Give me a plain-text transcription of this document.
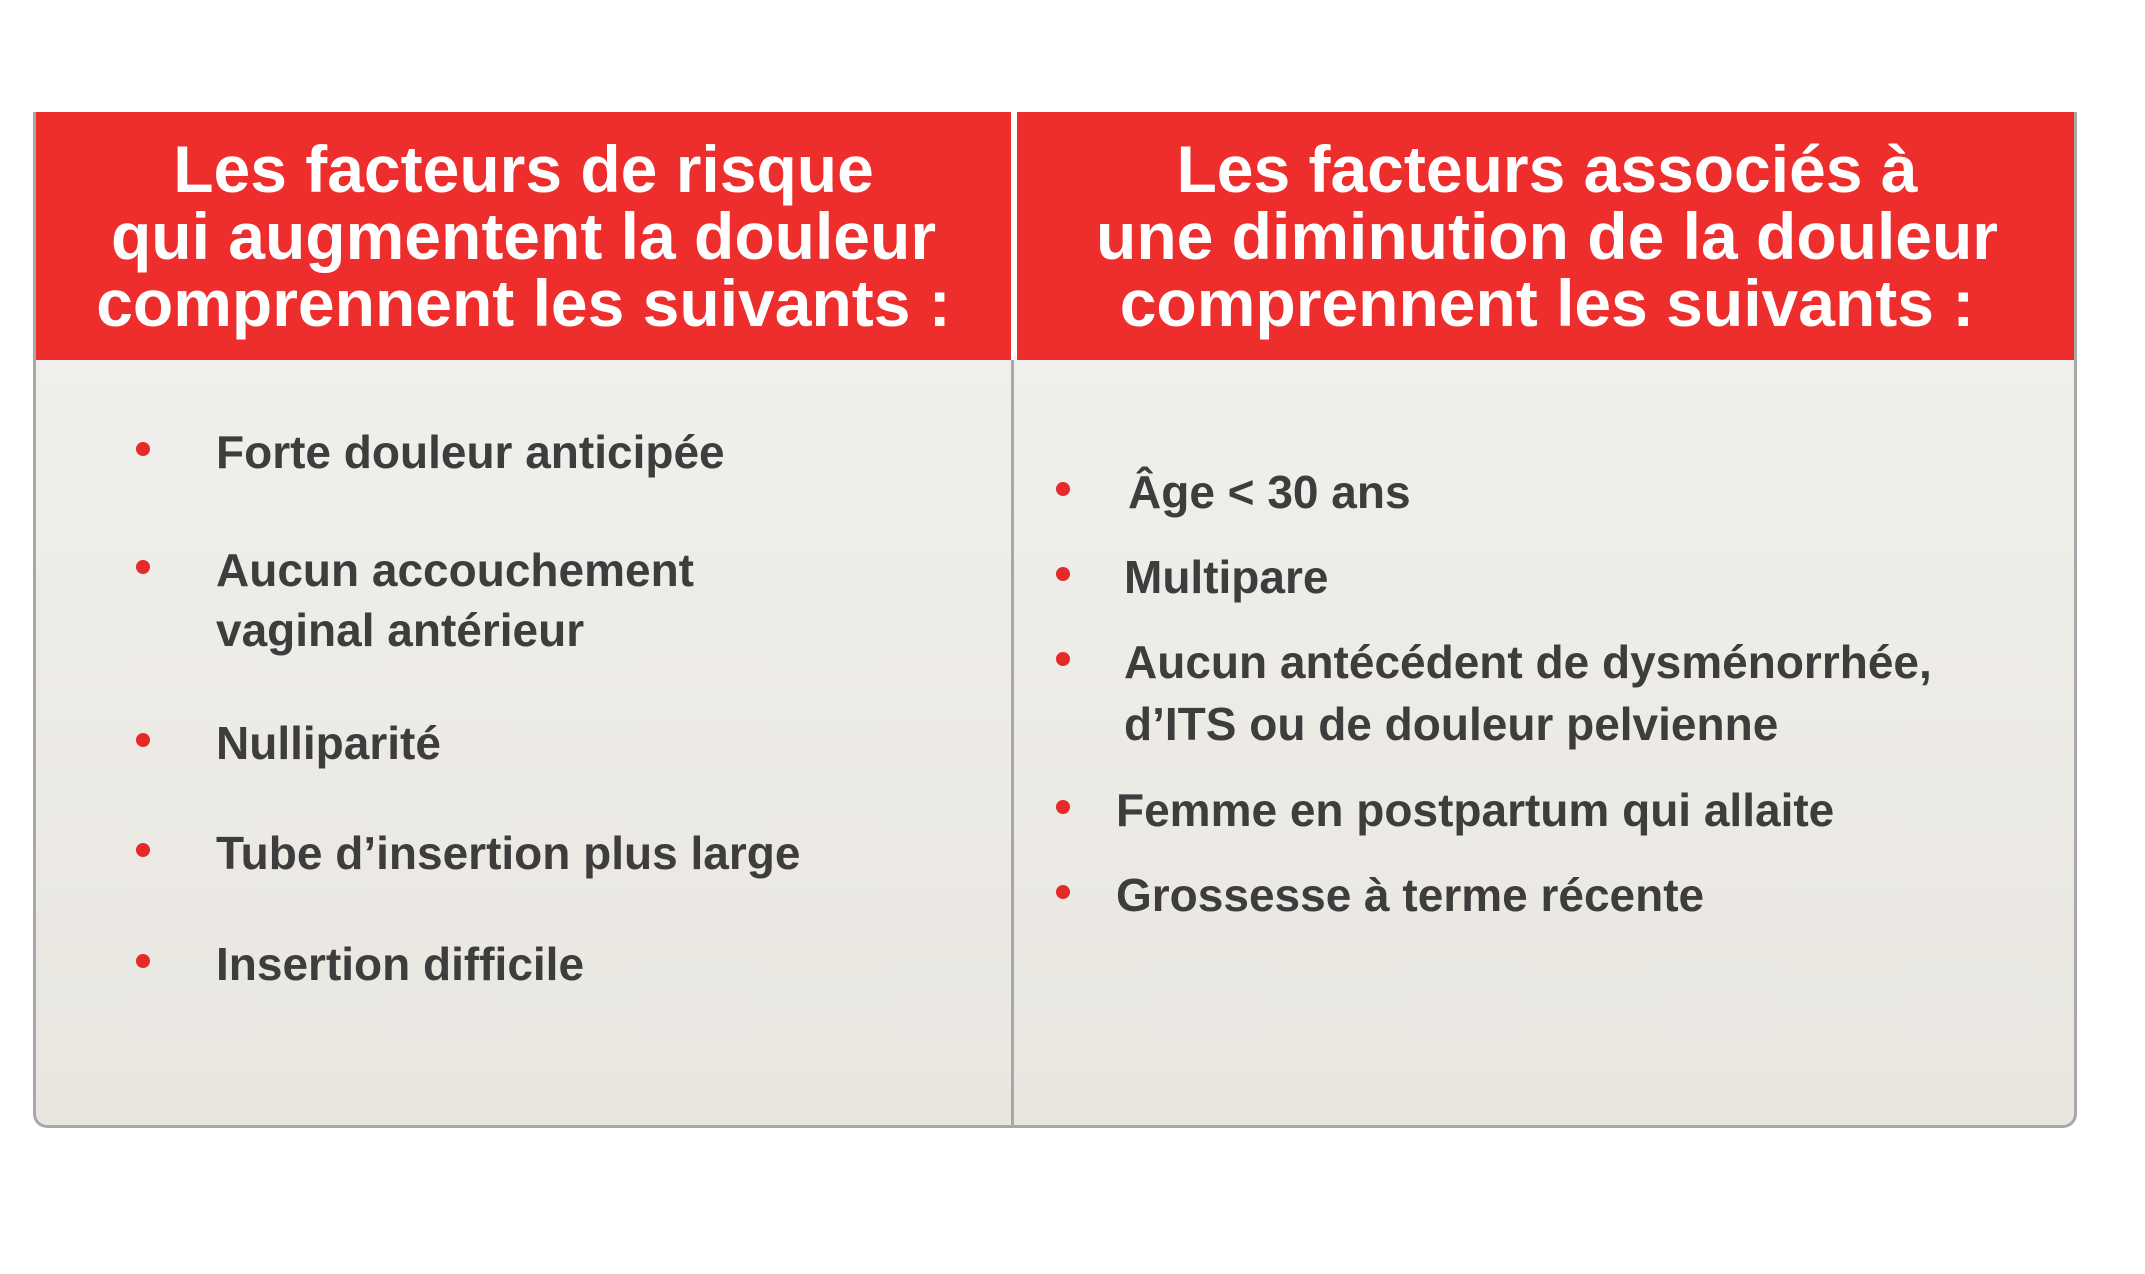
Les facteurs de risque
qui augmentent la douleur
comprennent les suivants :
Les facteurs associés à
une diminution de la douleur
comprennent les suivants :
Forte douleur anticipée
Aucun accouchement
vaginal antérieur
Nulliparité
Tube d’insertion plus large
Insertion difficile
Âge < 30 ans
Multipare
Aucun antécédent de dysménorrhée,
d’ITS ou de douleur pelvienne
Femme en postpartum qui allaite
Grossesse à terme récente
